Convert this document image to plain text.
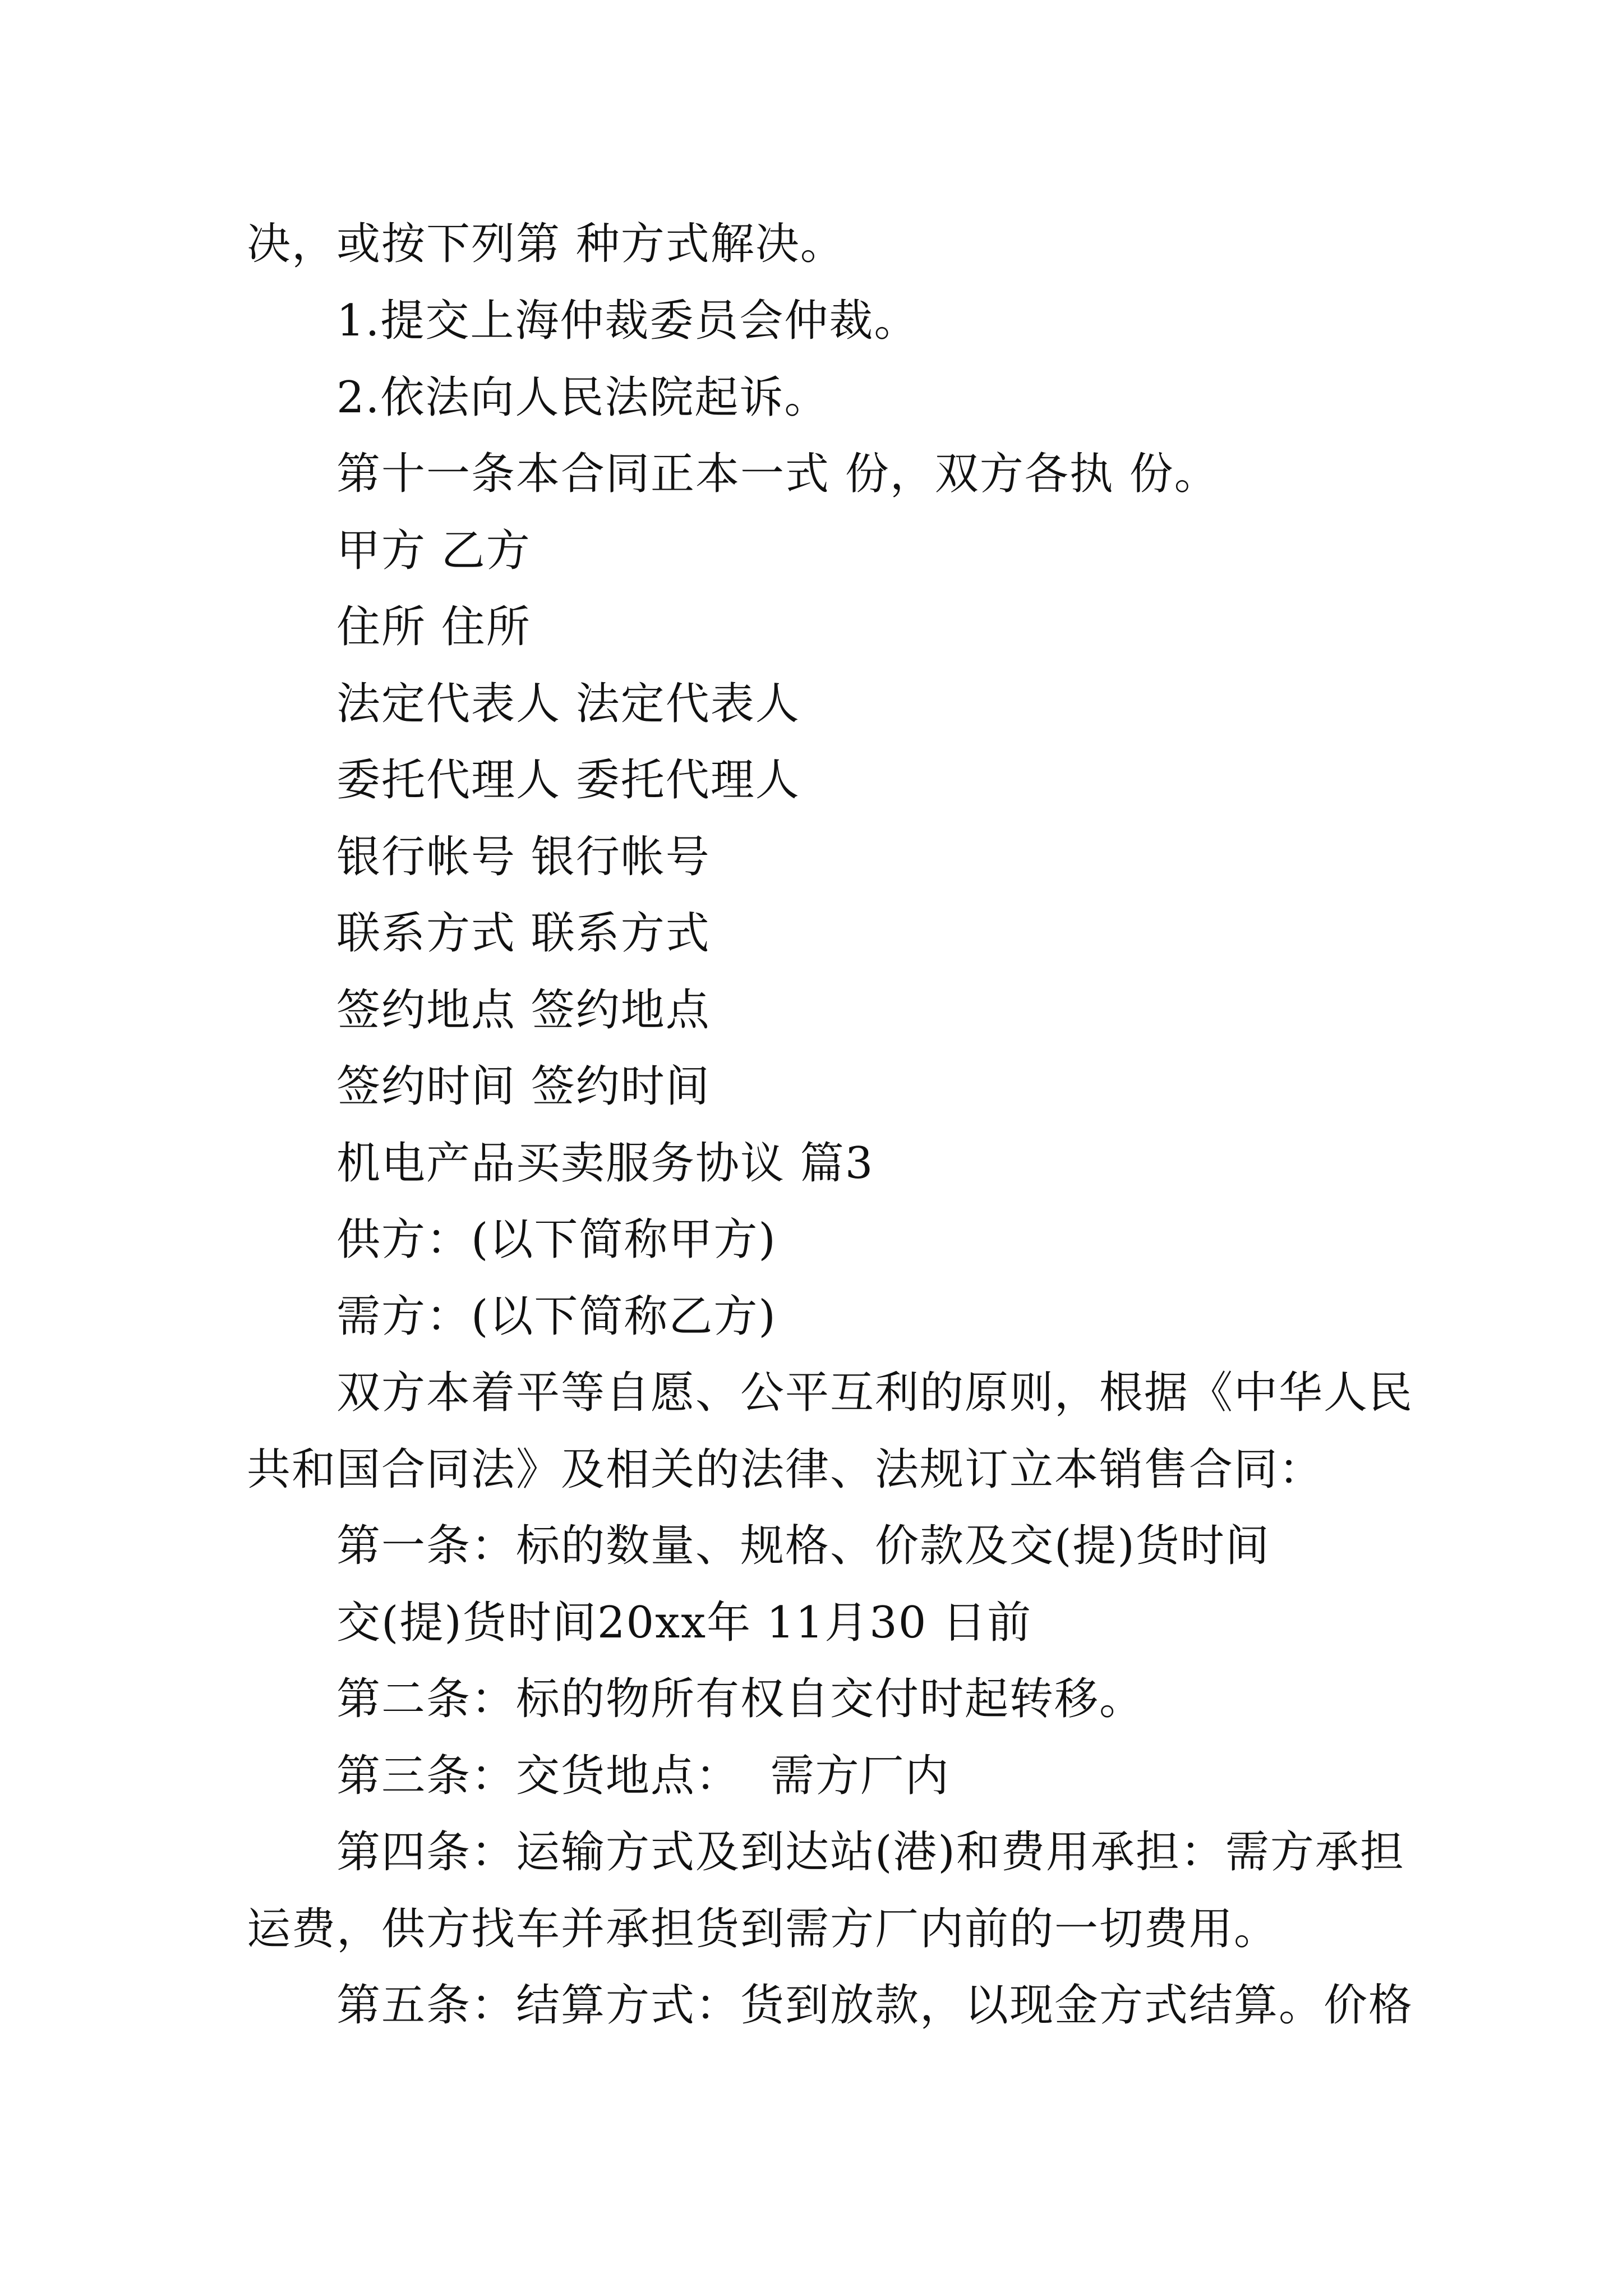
决，或按下列第 种方式解决。
1.提交上海仲裁委员会仲裁。
2.依法向人民法院起诉。
第十一条本合同正本一式 份，双方各执 份。
甲方 乙方
住所 住所
法定代表人 法定代表人
委托代理人 委托代理人
银行帐号 银行帐号
联系方式 联系方式
签约地点 签约地点
签约时间 签约时间
机电产品买卖服务协议 篇3
供方：(以下简称甲方)
需方：(以下简称乙方)
双方本着平等自愿、公平互利的原则，根据《中华人民
共和国合同法》及相关的法律、法规订立本销售合同：
第一条：标的数量、规格、价款及交(提)货时间
交(提)货时间20xx年 11月30 日前
第二条：标的物所有权自交付时起转移。
第三条：交货地点：  需方厂内
第四条：运输方式及到达站(港)和费用承担：需方承担
运费，供方找车并承担货到需方厂内前的一切费用。
第五条：结算方式：货到放款，以现金方式结算。价格
